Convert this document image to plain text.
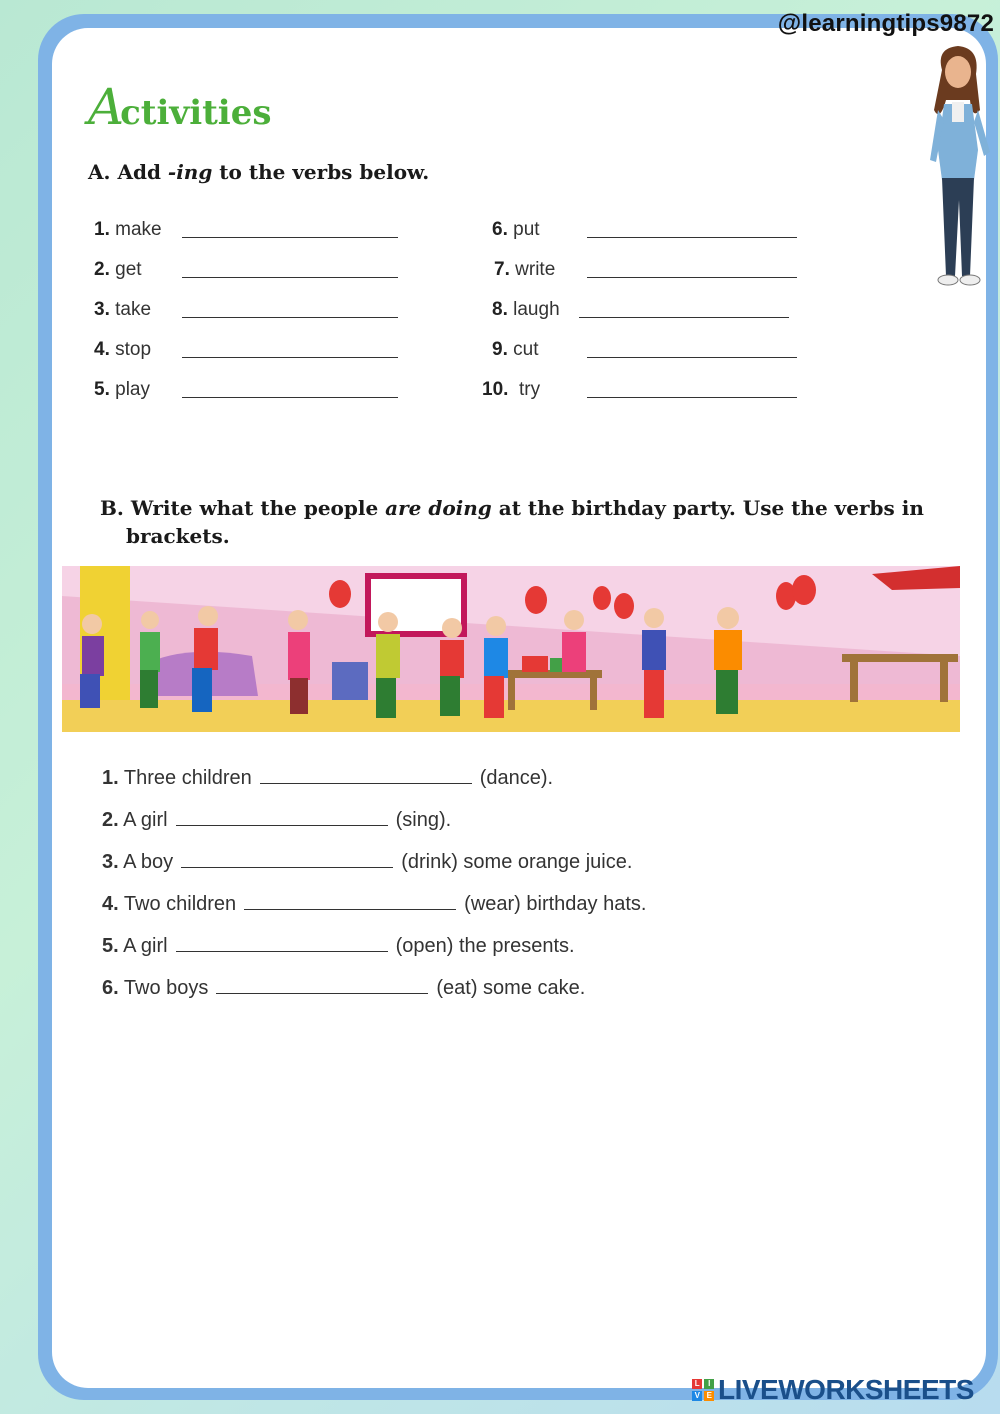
@learningtips9872
Activities
A. Add -ing to the verbs below.
1. make
2. get
3. take
4. stop
5. play
6. put
7. write
8. laugh
9. cut
10. try
B. Write what the people are doing at the birthday party. Use the verbs in
brackets.
1. Three children	(dance).
2. A girl	(sing).
3. A boy	(drink) some orange juice.
4. Two children	(wear) birthday hats.
5. A girl	(open) the presents.
6. Two boys	(eat) some cake.
L	I
V E LIVEWORKSHEETS
